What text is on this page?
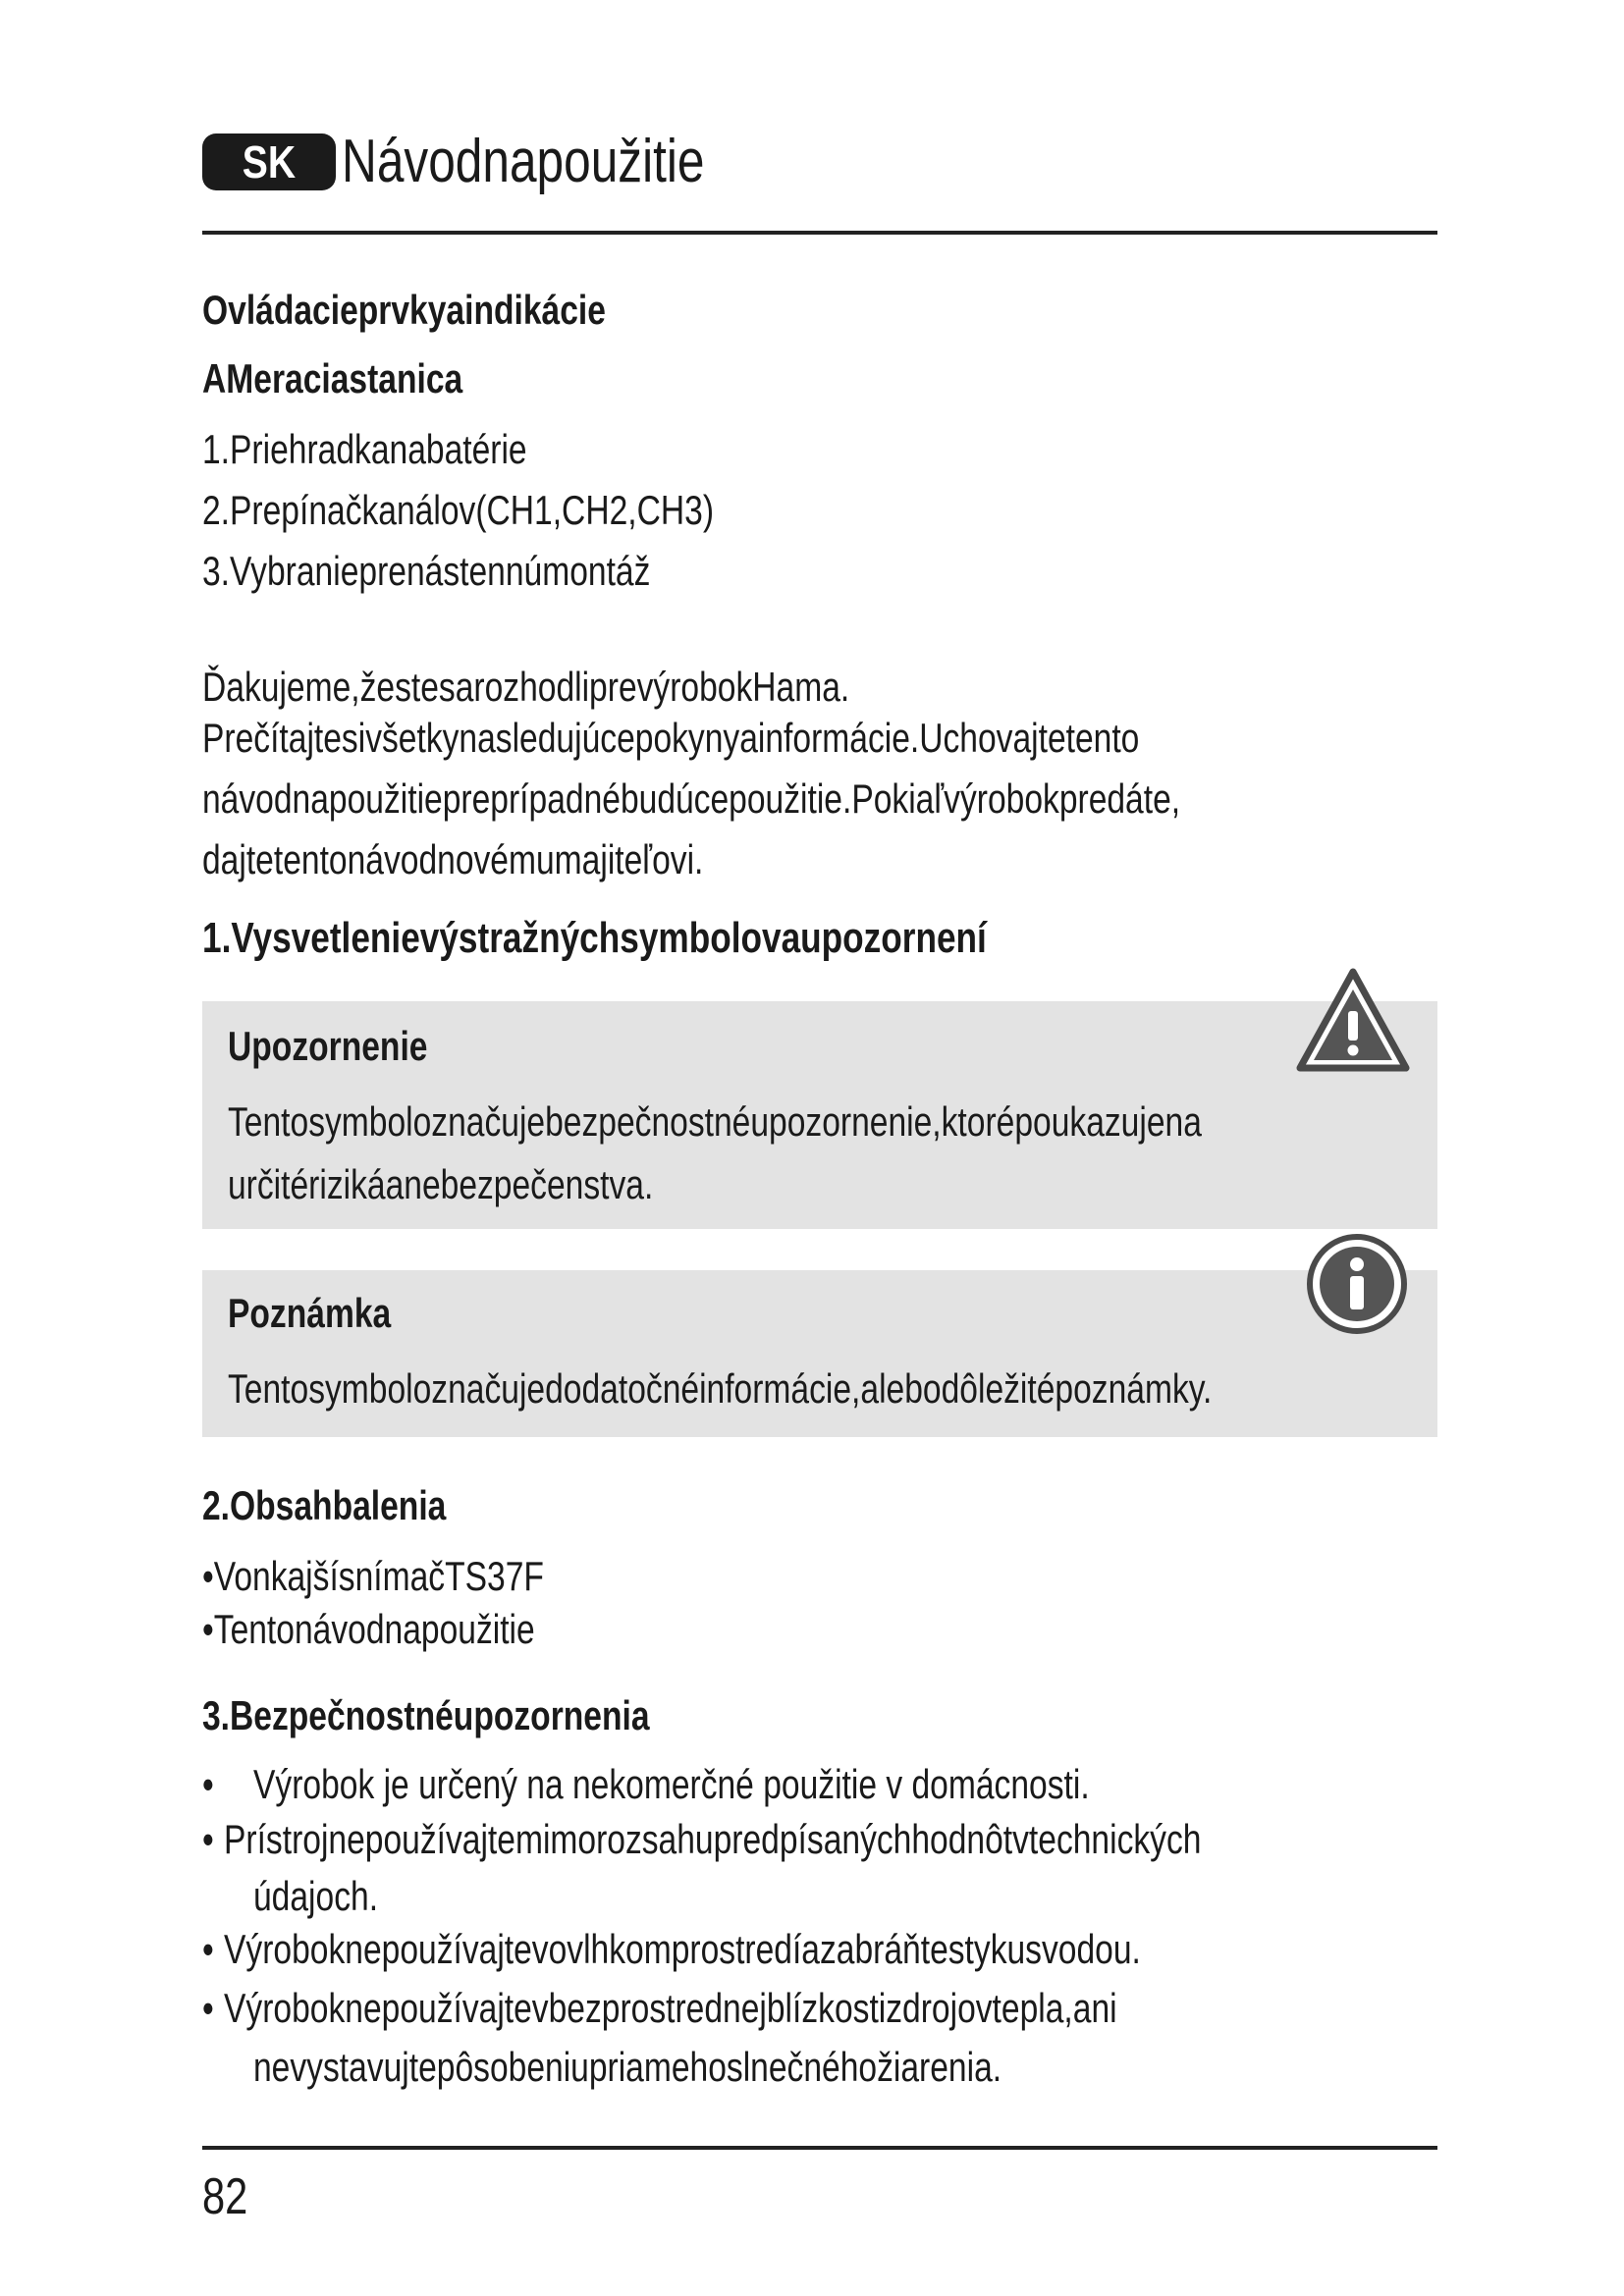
SK Návodnapoužitie
Ovládacieprvkyaindikácie
AMeraciastanica
1.Priehradkanabatérie
2.Prepínačkanálov(CH1,CH2,CH3)
3.Vybranieprenástennúmontáž
Ďakujeme,žestesarozhodliprevýrobokHama.
Prečítajtesivšetkynasledujúcepokynyainformácie.Uchovajtetento
návodnapoužitiepreprípadnébudúcepoužitie.Pokiaľvýrobokpredáte,
dajtetentonávodnovémumajiteľovi.
1.Vysvetlenievýstražnýchsymbolovaupozornení
Upozornenie
Tentosymboloznačujebezpečnostnéupozornenie,ktorépoukazujena
určitérizikáanebezpečenstva.
Poznámka
Tentosymboloznačujedodatočnéinformácie,alebodôležitépoznámky.
2.Obsahbalenia
•VonkajšísnímačTS37F
•Tentonávodnapoužitie
3.Bezpečnostnéupozornenia
• Výrobok je určený na nekomerčné použitie v domácnosti.
• Prístrojnepoužívajtemimorozsahupredpísanýchhodnôtvtechnických
údajoch.
• Výroboknepoužívajtevovlhkomprostredíazabráňtestykusvodou.
• Výroboknepoužívajtevbezprostrednejblízkostizdrojovtepla,ani
nevystavujtepôsobeniupriamehoslnečnéhožiarenia.
82
